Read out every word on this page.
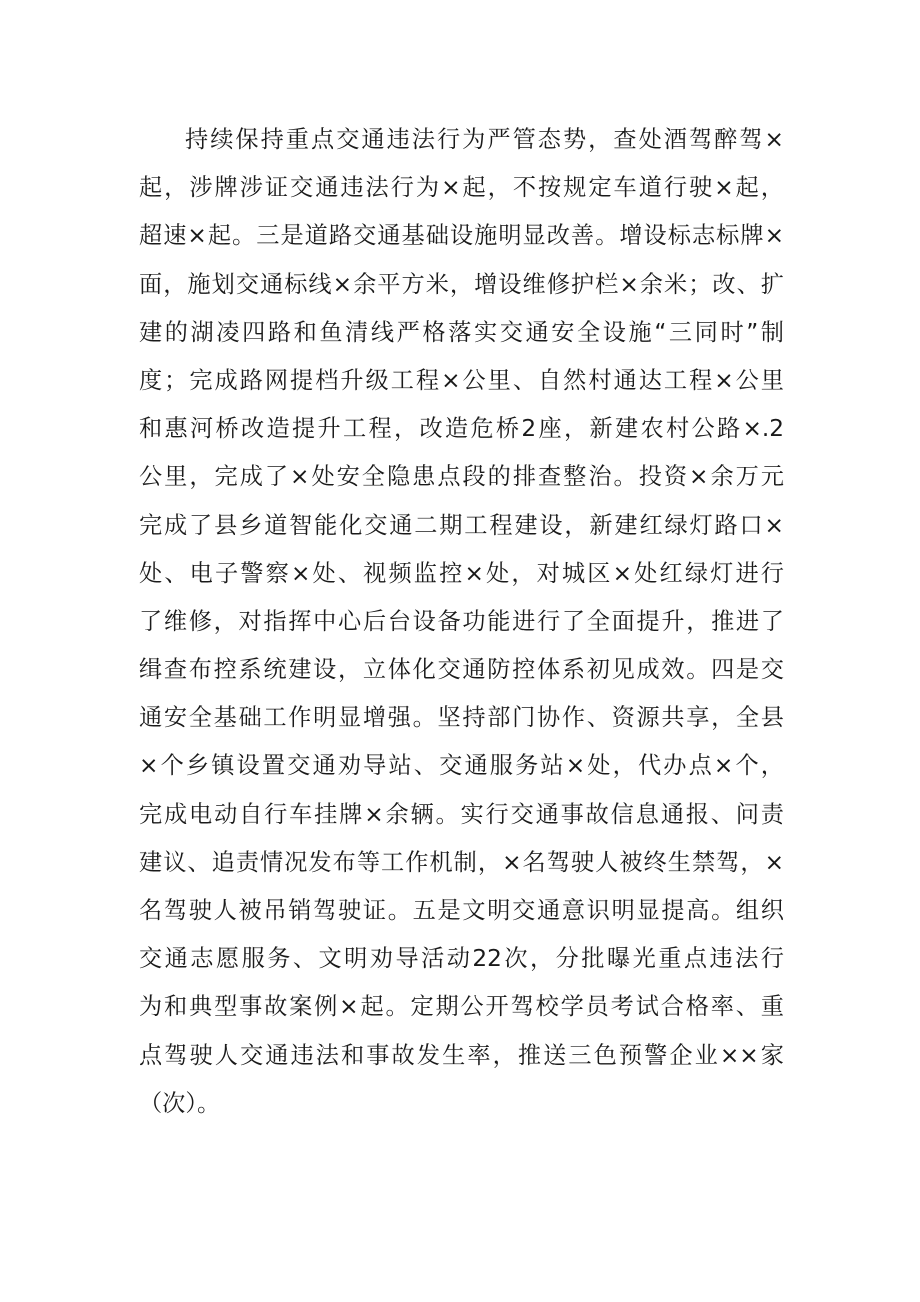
持续保持重点交通违法行为严管态势，查处酒驾醉驾×
起，涉牌涉证交通违法行为×起，不按规定车道行驶×起，
超速×起。三是道路交通基础设施明显改善。增设标志标牌×
面，施划交通标线×余平方米，增设维修护栏×余米；改、扩
建的湖凌四路和鱼清线严格落实交通安全设施“三同时”制
度；完成路网提档升级工程×公里、自然村通达工程×公里
和惠河桥改造提升工程，改造危桥2座，新建农村公路×.2
公里，完成了×处安全隐患点段的排查整治。投资×余万元
完成了县乡道智能化交通二期工程建设，新建红绿灯路口×
处、电子警察×处、视频监控×处，对城区×处红绿灯进行
了维修，对指挥中心后台设备功能进行了全面提升，推进了
缉查布控系统建设，立体化交通防控体系初见成效。四是交
通安全基础工作明显增强。坚持部门协作、资源共享，全县
×个乡镇设置交通劝导站、交通服务站×处，代办点×个，
完成电动自行车挂牌×余辆。实行交通事故信息通报、问责
建议、追责情况发布等工作机制，×名驾驶人被终生禁驾，×
名驾驶人被吊销驾驶证。五是文明交通意识明显提高。组织
交通志愿服务、文明劝导活动22次，分批曝光重点违法行
为和典型事故案例×起。定期公开驾校学员考试合格率、重
点驾驶人交通违法和事故发生率，推送三色预警企业××家
（次）。
